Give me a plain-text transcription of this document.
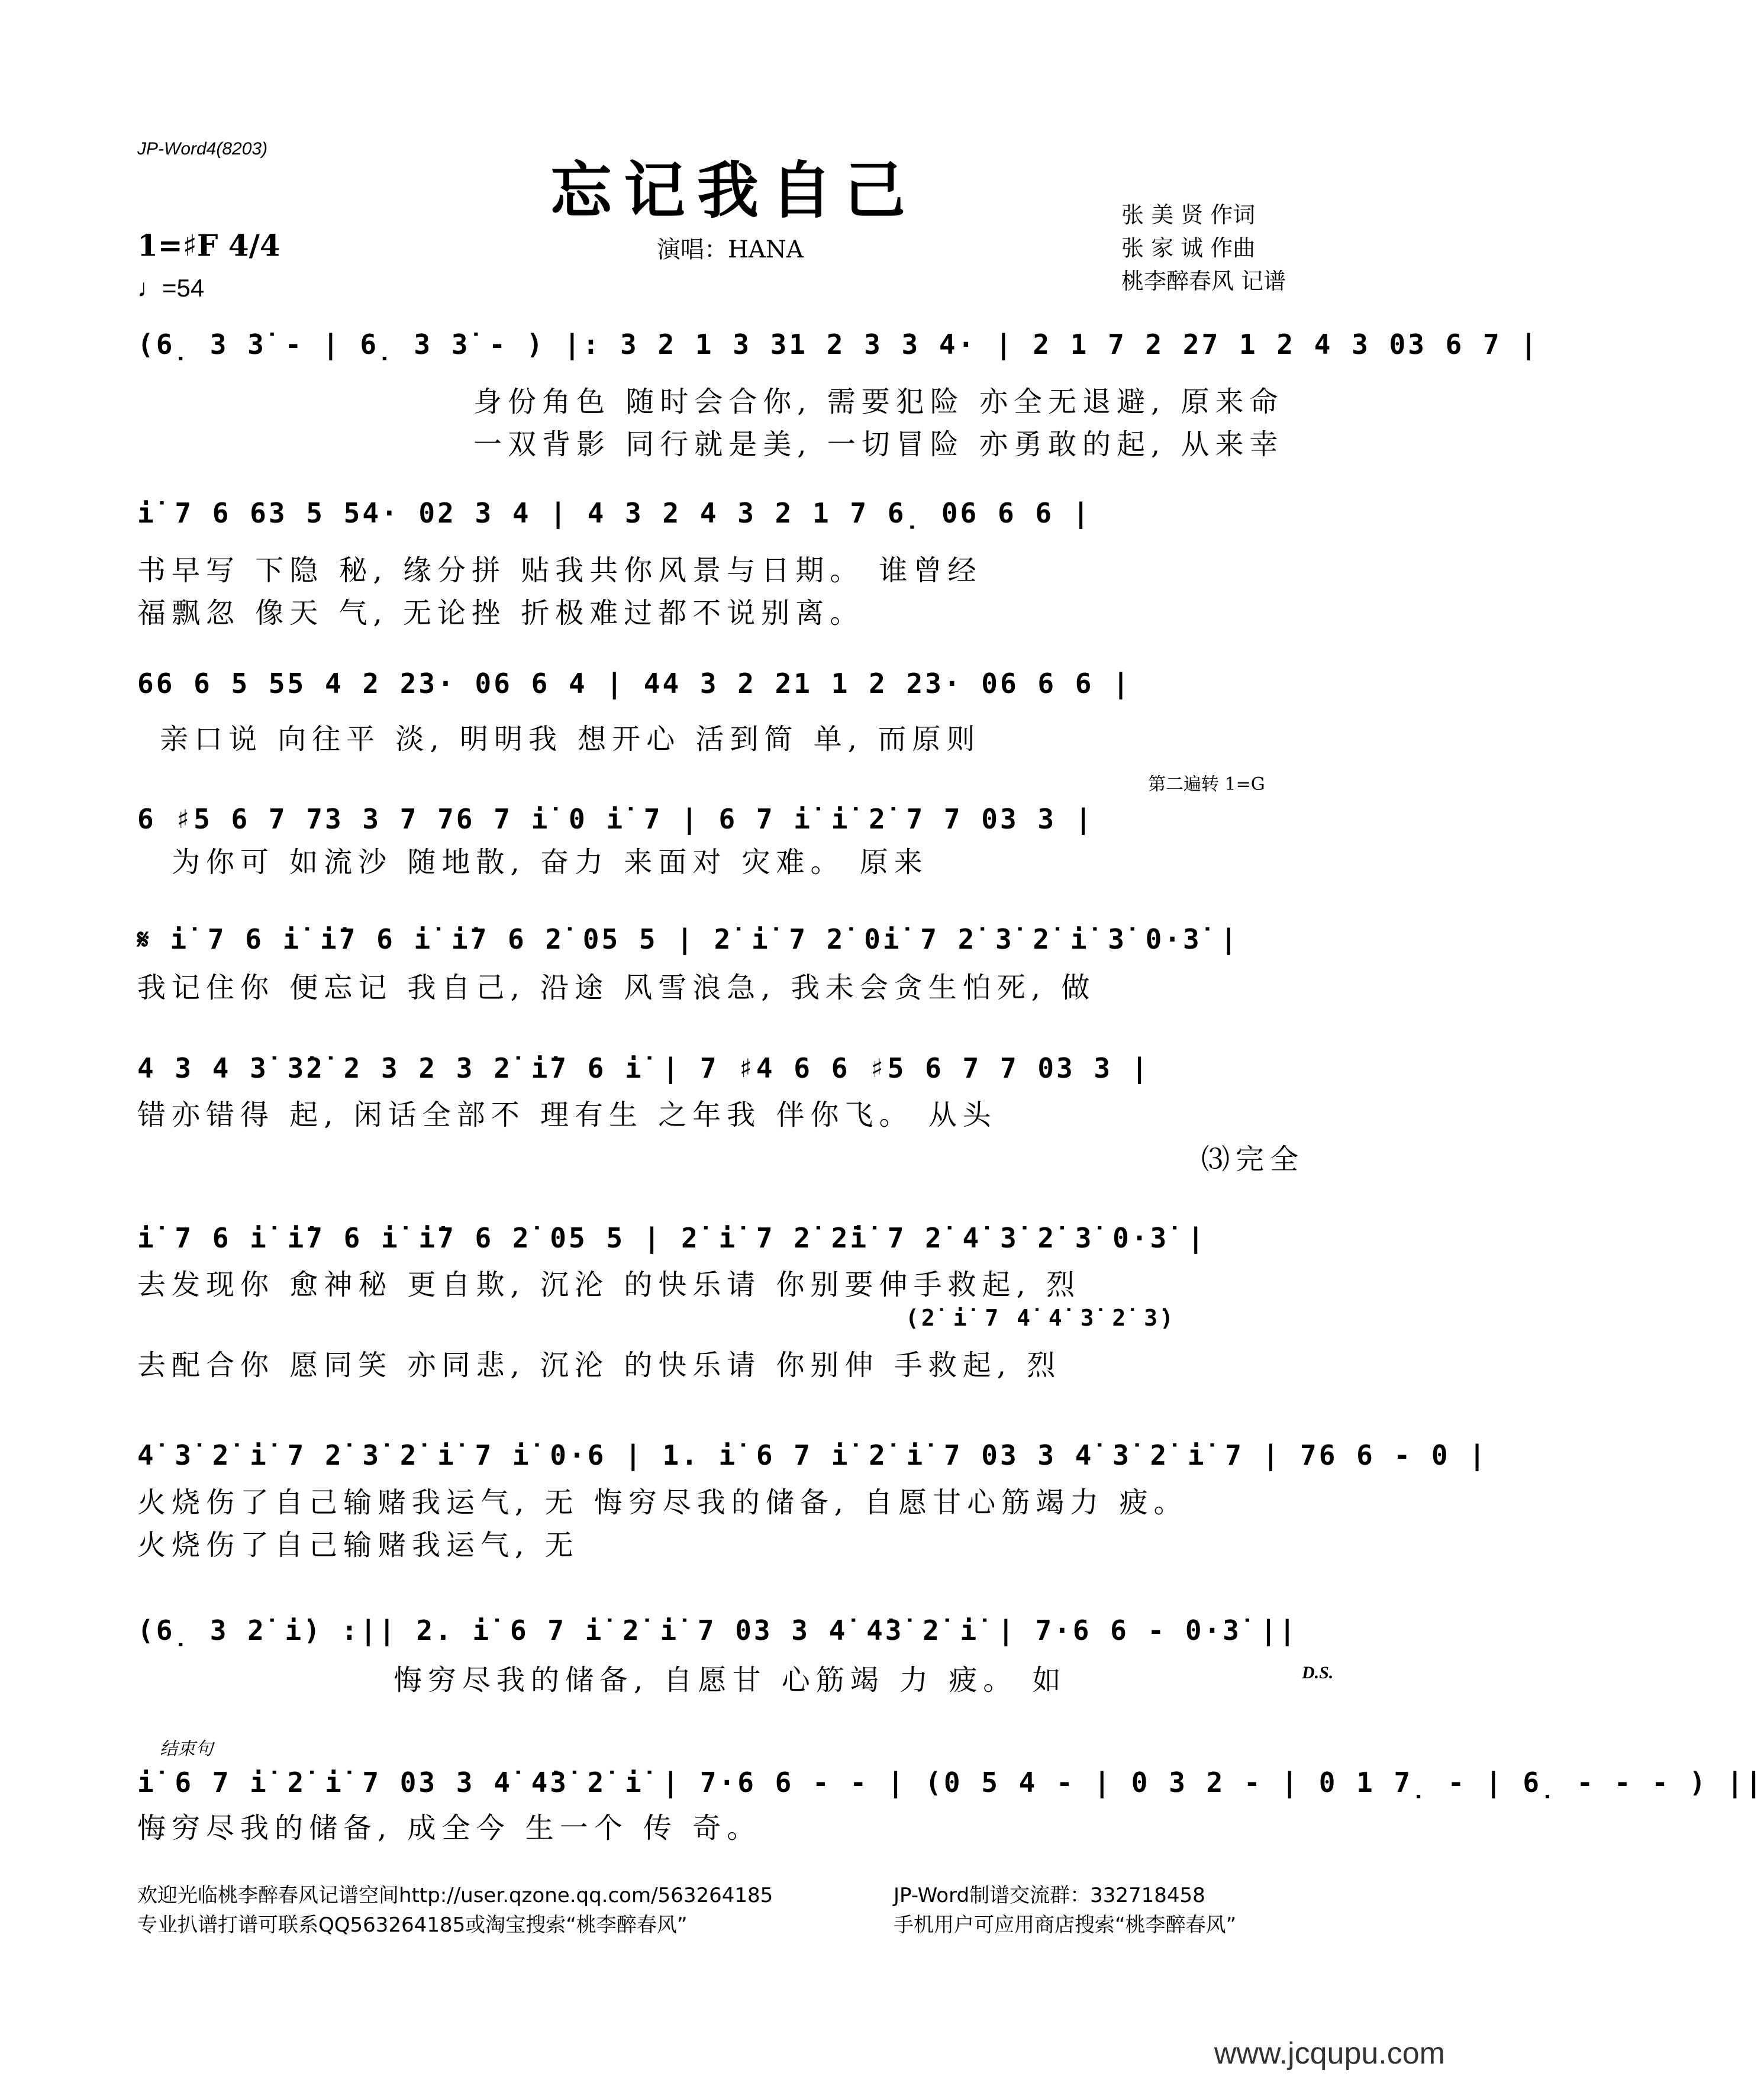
JP-Word4(8203)
忘记我自己
1=♯F 4/4
♩=54
演唱：HANA
张 美 贤 作词
张 家 诚 作曲
桃李醉春风 记谱
(6̣ 3 3̇ - | 6̣ 3 3̇ - ) |: 3 2 1 3 31 2 3 3 4· | 2 1 7 2 27 1 2 4 3 03 6 7 |
身份角色 随时会合你, 需要犯险 亦全无退避, 原来命
一双背影 同行就是美, 一切冒险 亦勇敢的起, 从来幸
i̇ 7 6 63 5 54· 02 3 4 | 4 3 2 4 3 2 1 7 6̣ 06 6 6 |
书早写 下隐 秘, 缘分拼 贴我共你风景与日期。 谁曾经
福飘忽 像天 气, 无论挫 折极难过都不说别离。
66 6 5 55 4 2 23· 06 6 4 | 44 3 2 21 1 2 23· 06 6 6 |
亲口说 向往平 淡, 明明我 想开心 活到简 单, 而原则
第二遍转 1=G
6 ♯5 6 7 73 3 7 76 7 i̇ 0 i̇ 7 | 6 7 i̇ i̇ 2̇ 7 7 03 3 |
为你可 如流沙 随地散, 奋力 来面对 灾难。 原来
𝄋 i̇ 7 6 i̇ i̇7 6 i̇ i̇7 6 2̇ 05 5 | 2̇ i̇ 7 2̇ 0i̇ 7 2̇ 3̇ 2̇ i̇ 3̇ 0·3̇ |
我记住你 便忘记 我自己, 沿途 风雪浪急, 我未会贪生怕死, 做
4 3 4 3̇ 3̇2̇ 2 3 2 3 2̇ i̇7 6 i̇ | 7 ♯4 6 6 ♯5 6 7 7 03 3 |
错亦错得 起, 闲话全部不 理有生 之年我 伴你飞。 从头
⑶完全
i̇ 7 6 i̇ i̇7 6 i̇ i̇7 6 2̇ 05 5 | 2̇ i̇ 7 2̇ 2̇i̇ 7 2̇ 4̇ 3̇ 2̇ 3̇ 0·3̇ |
去发现你 愈神秘 更自欺, 沉沦 的快乐请 你别要伸手救起, 烈
(2̇ i̇ 7 4̇ 4̇ 3̇ 2̇ 3̇)
去配合你 愿同笑 亦同悲, 沉沦 的快乐请 你别伸 手救起, 烈
4̇ 3̇ 2̇ i̇ 7 2̇ 3̇ 2̇ i̇ 7 i̇ 0·6 | 1. i̇ 6 7 i̇ 2̇ i̇ 7 03 3 4̇ 3̇ 2̇ i̇ 7 | 76 6 - 0 |
火烧伤了自己输赌我运气, 无 悔穷尽我的储备, 自愿甘心筋竭力 疲。
火烧伤了自己输赌我运气, 无
(6̣ 3 2̇ i̇) :|| 2. i̇ 6 7 i̇ 2̇ i̇ 7 03 3 4̇ 4̇3̇ 2̇ i̇ | 7·6 6 - 0·3̇ ||
悔穷尽我的储备, 自愿甘 心筋竭 力 疲。 如	D.S.
结束句
i̇ 6 7 i̇ 2̇ i̇ 7 03 3 4̇ 4̇3̇ 2̇ i̇ | 7·6 6 - - | (0 5 4 - | 0 3 2 - | 0 1 7̣ - | 6̣ - - - ) ||
悔穷尽我的储备, 成全今 生一个 传 奇。
欢迎光临桃李醉春风记谱空间http://user.qzone.qq.com/563264185	JP-Word制谱交流群：332718458
专业扒谱打谱可联系QQ563264185或淘宝搜索“桃李醉春风”	手机用户可应用商店搜索“桃李醉春风”
www.jcqupu.com
